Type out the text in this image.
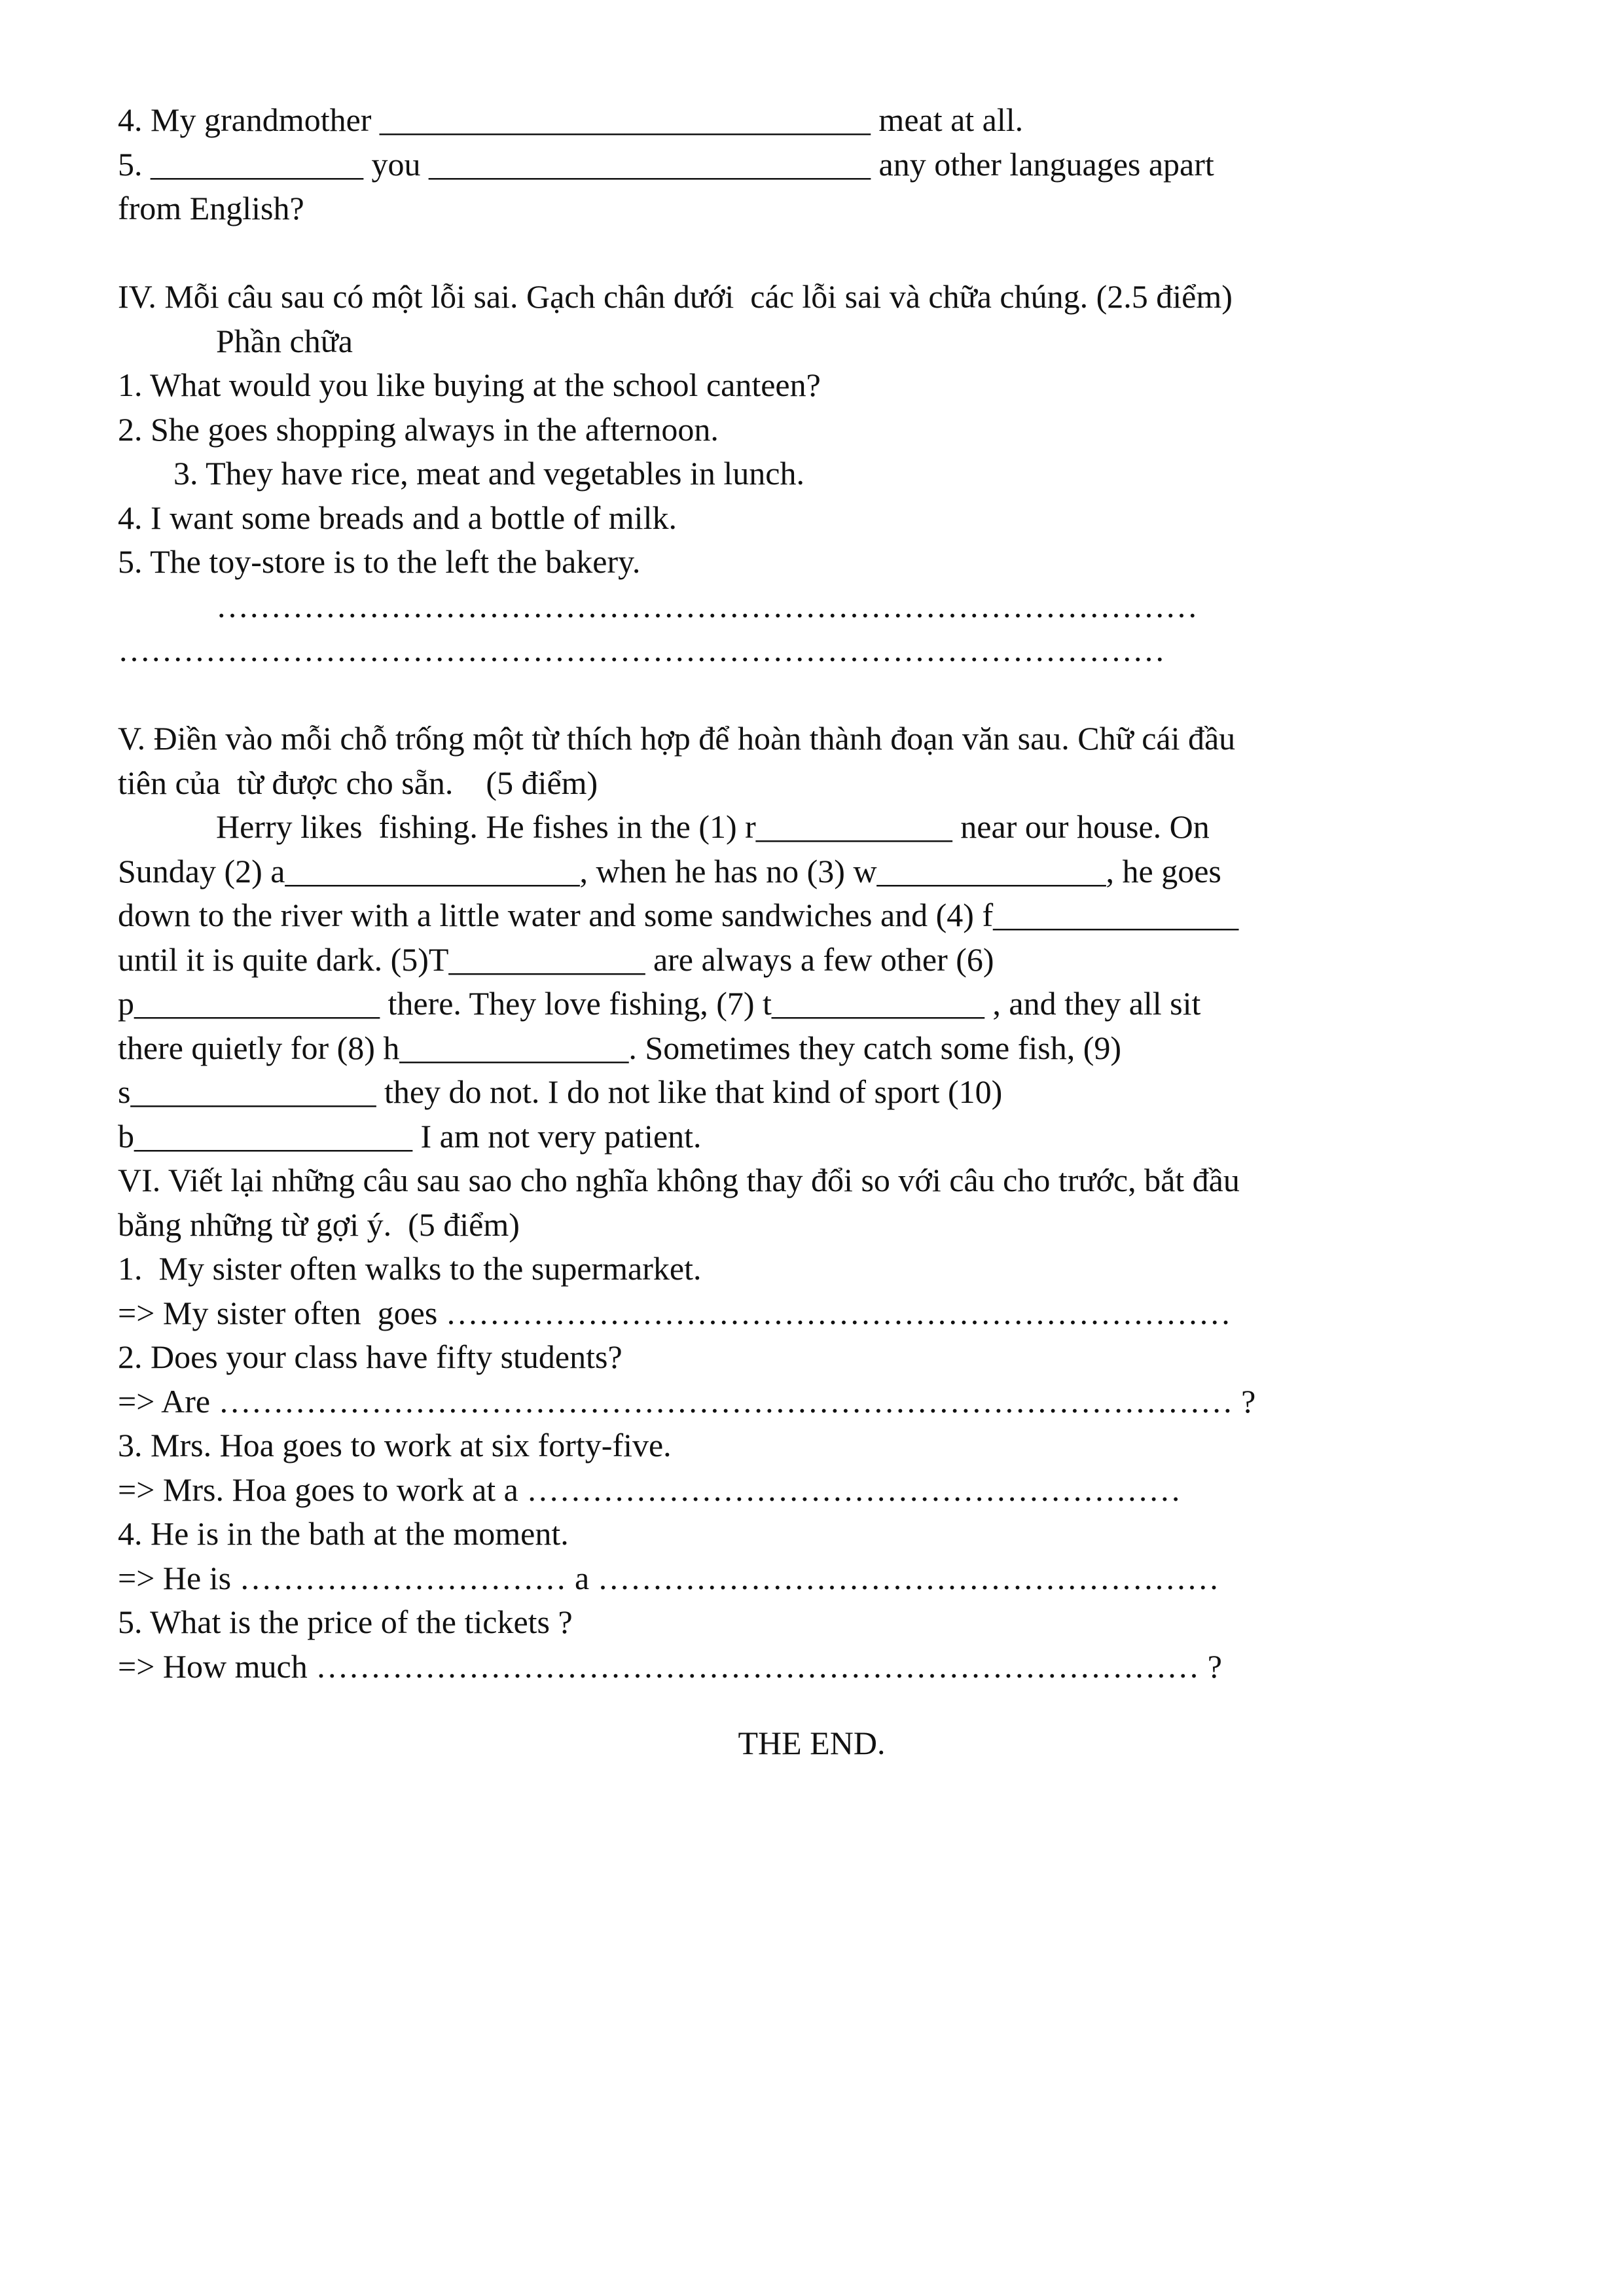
4. My grandmother ______________________________ meat at all.
5. _____________ you ___________________________ any other languages apart
from English?
IV. Mỗi câu sau có một lỗi sai. Gạch chân dưới  các lỗi sai và chữa chúng. (2.5 điểm)
Phần chữa
1. What would you like buying at the school canteen?
2. She goes shopping always in the afternoon.
3. They have rice, meat and vegetables in lunch.
4. I want some breads and a bottle of milk.
5. The toy-store is to the left the bakery.
………………………………………………………………………………
……………………………………………………………………………………
V. Điền vào mỗi chỗ trống một từ thích hợp để hoàn thành đoạn văn sau. Chữ cái đầu
tiên của  từ được cho sẵn.    (5 điểm)
Herry likes  fishing. He fishes in the (1) r____________ near our house. On
Sunday (2) a__________________, when he has no (3) w______________, he goes
down to the river with a little water and some sandwiches and (4) f_______________
until it is quite dark. (5)T____________ are always a few other (6)
p_______________ there. They love fishing, (7) t_____________ , and they all sit
there quietly for (8) h______________. Sometimes they catch some fish, (9)
s_______________ they do not. I do not like that kind of sport (10)
b_________________ I am not very patient.
VI. Viết lại những câu sau sao cho nghĩa không thay đổi so với câu cho trước, bắt đầu
bằng những từ gợi ý.  (5 điểm)
1.  My sister often walks to the supermarket.
=> My sister often  goes ………………………………………………………………
2. Does your class have fifty students?
=> Are ………………………………………………………………………………… ?
3. Mrs. Hoa goes to work at six forty-five.
=> Mrs. Hoa goes to work at a ……………………………………………………
4. He is in the bath at the moment.
=> He is ………………………… a …………………………………………………
5. What is the price of the tickets ?
=> How much ……………………………………………………………………… ?
THE END.
